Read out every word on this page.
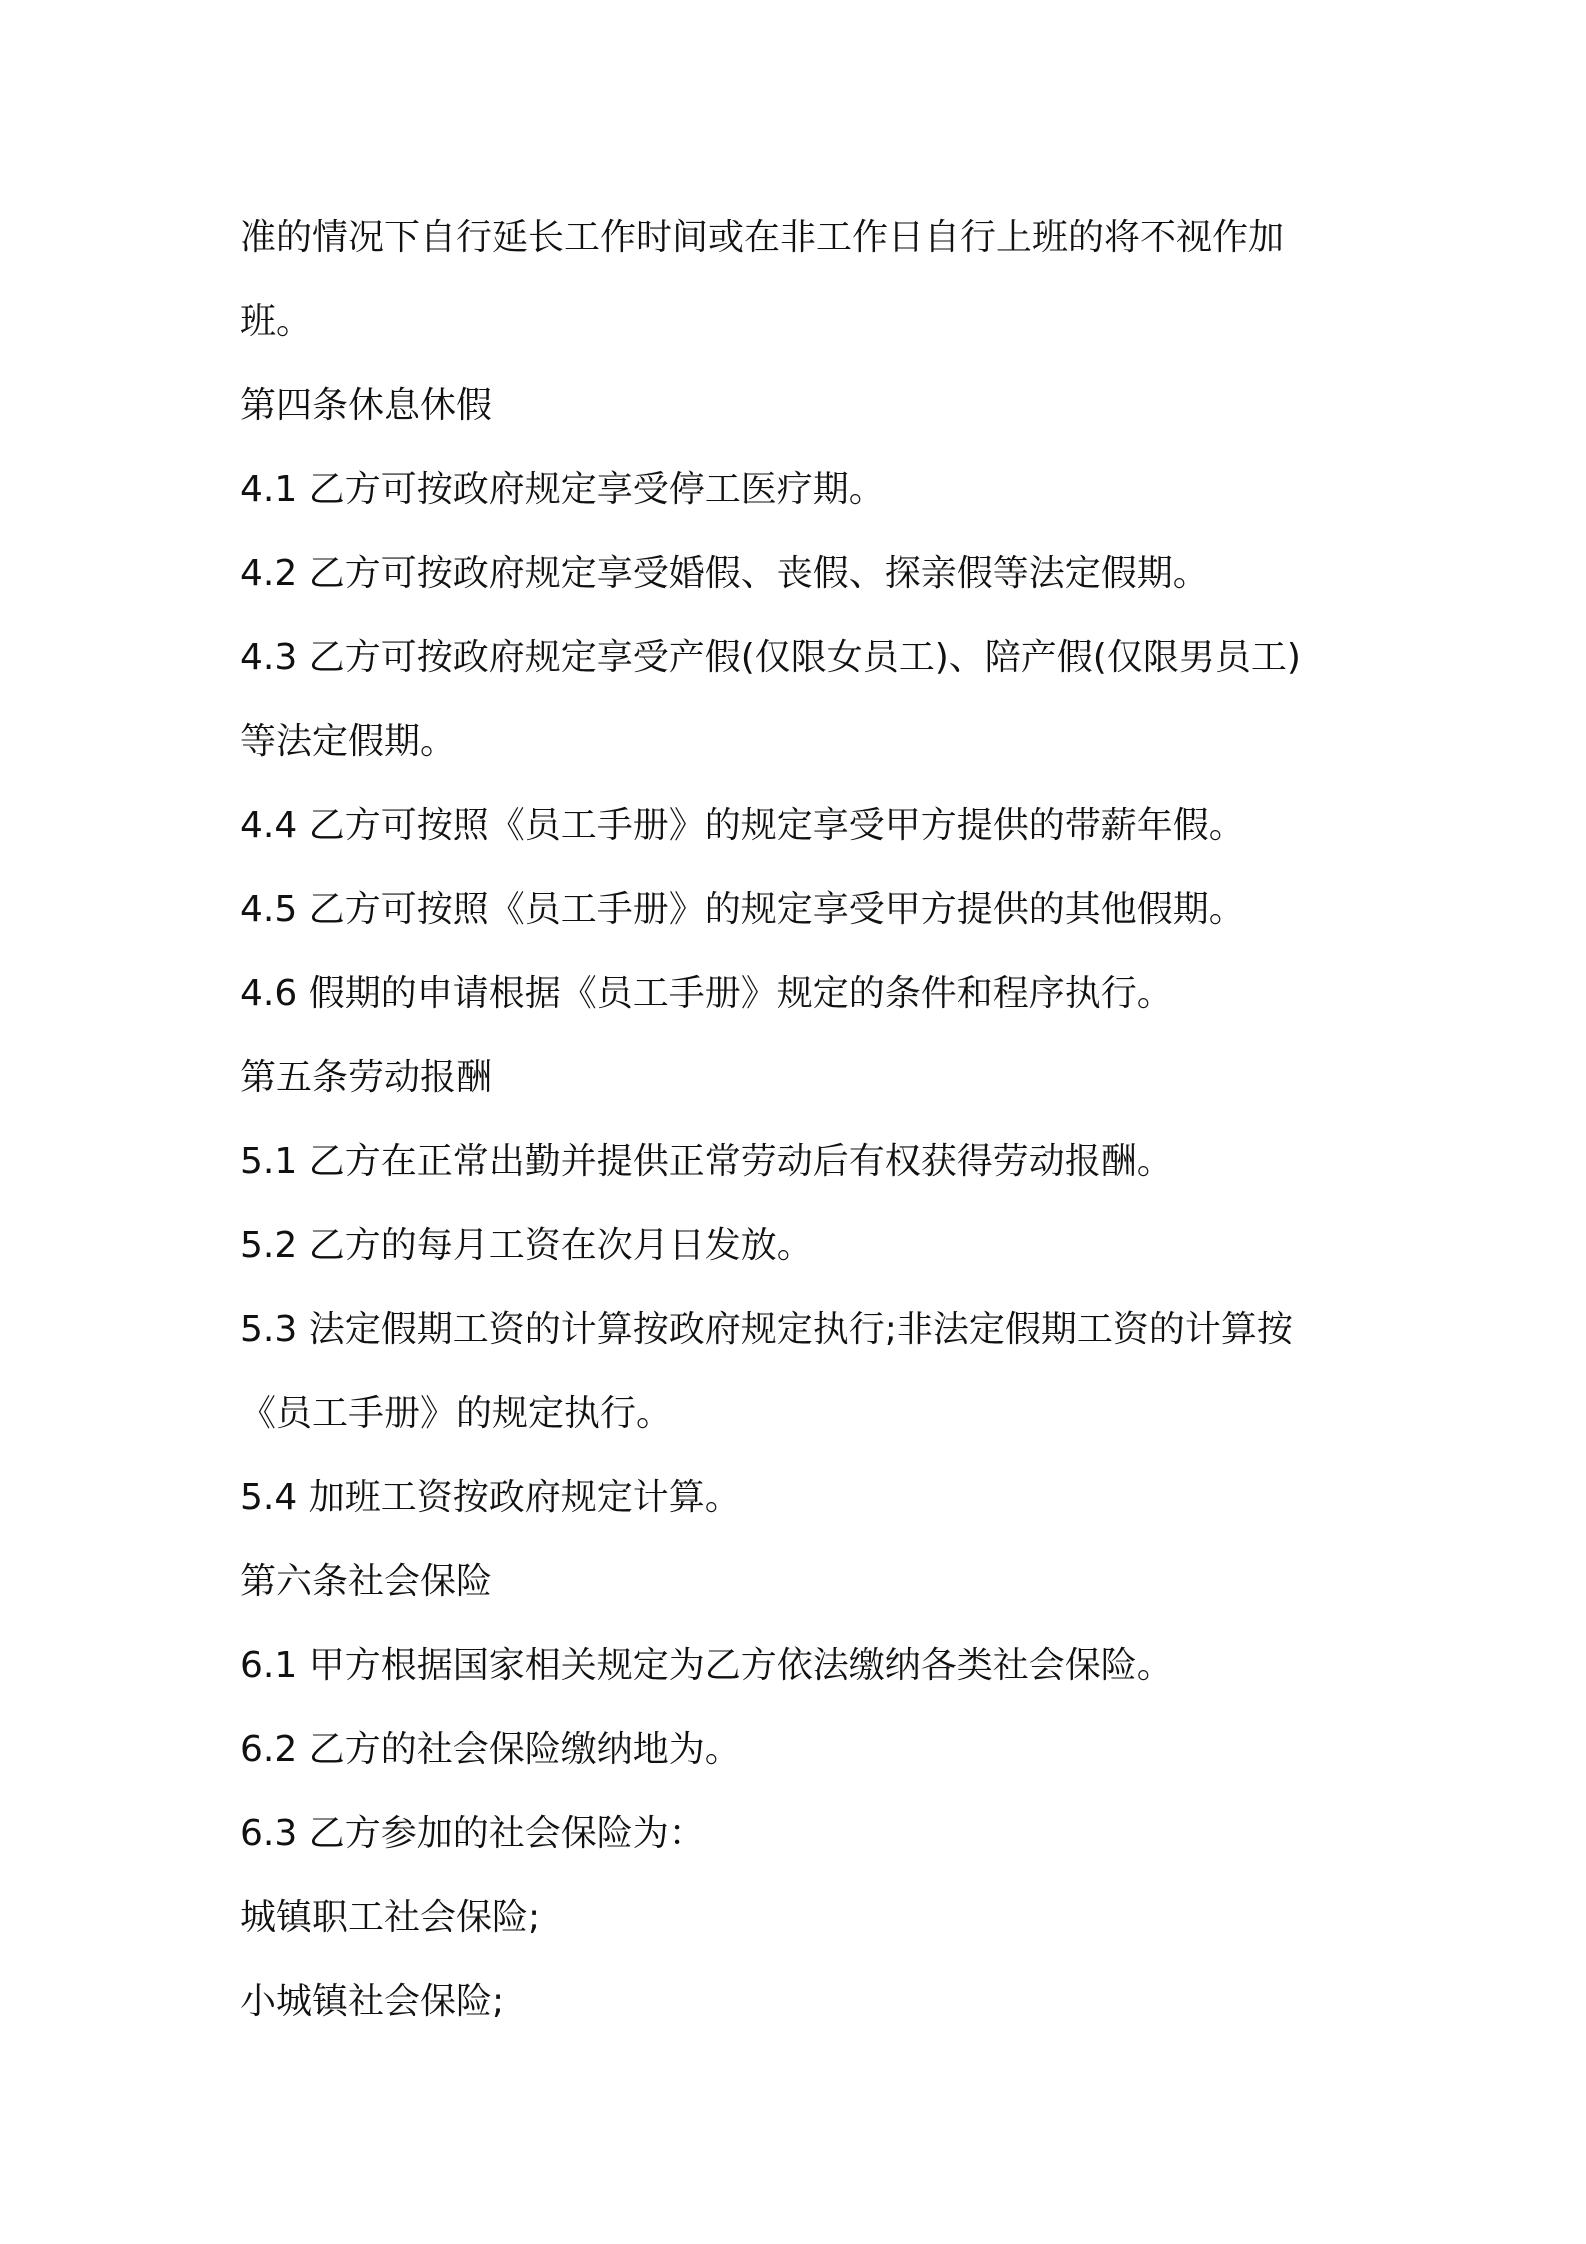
准的情况下自行延长工作时间或在非工作日自行上班的将不视作加
班。
第四条休息休假
4.1 乙方可按政府规定享受停工医疗期。
4.2 乙方可按政府规定享受婚假、丧假、探亲假等法定假期。
4.3 乙方可按政府规定享受产假(仅限女员工)、陪产假(仅限男员工)
等法定假期。
4.4 乙方可按照《员工手册》的规定享受甲方提供的带薪年假。
4.5 乙方可按照《员工手册》的规定享受甲方提供的其他假期。
4.6 假期的申请根据《员工手册》规定的条件和程序执行。
第五条劳动报酬
5.1 乙方在正常出勤并提供正常劳动后有权获得劳动报酬。
5.2 乙方的每月工资在次月日发放。
5.3 法定假期工资的计算按政府规定执行;非法定假期工资的计算按
《员工手册》的规定执行。
5.4 加班工资按政府规定计算。
第六条社会保险
6.1 甲方根据国家相关规定为乙方依法缴纳各类社会保险。
6.2 乙方的社会保险缴纳地为。
6.3 乙方参加的社会保险为：
城镇职工社会保险;
小城镇社会保险;
